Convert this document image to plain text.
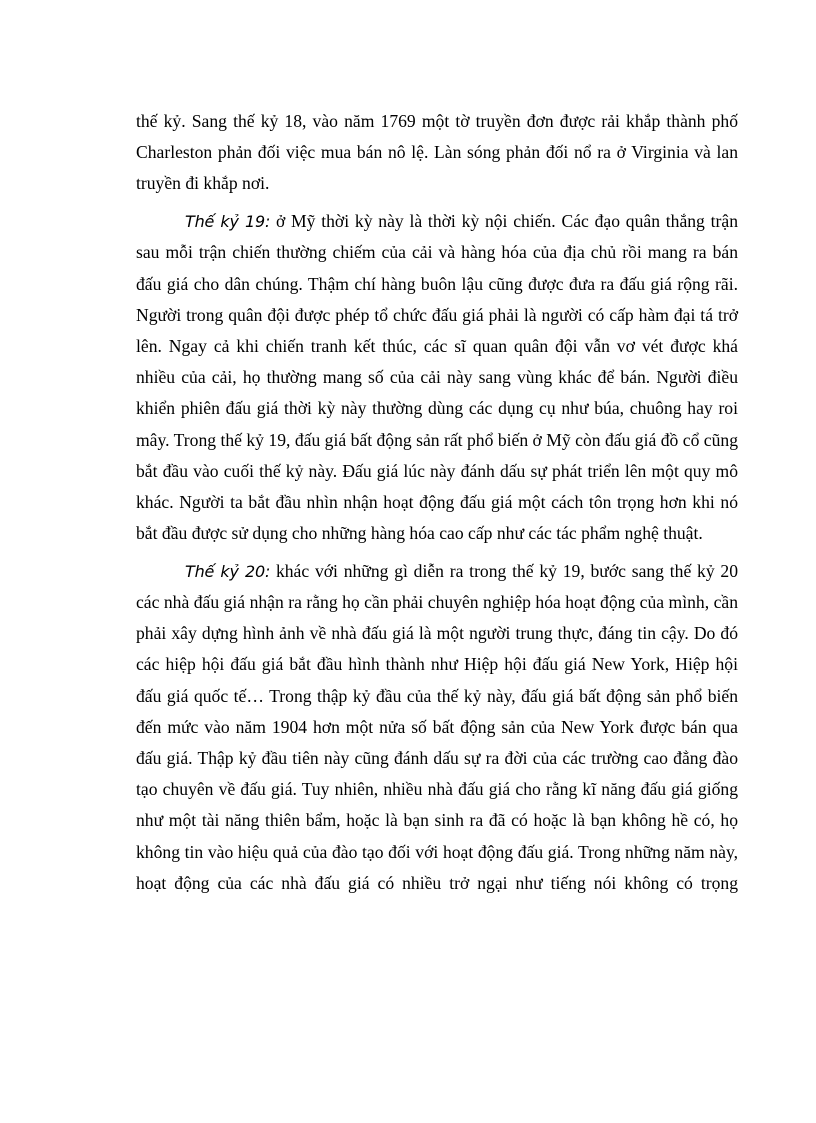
thế kỷ. Sang thế kỷ 18, vào năm 1769 một tờ truyền đơn được rải khắp thành phố Charleston phản đối việc mua bán nô lệ. Làn sóng phản đối nổ ra ở Virginia và lan truyền đi khắp nơi.

Thế kỷ 19: ở Mỹ thời kỳ này là thời kỳ nội chiến. Các đạo quân thắng trận sau mỗi trận chiến thường chiếm của cải và hàng hóa của địa chủ rồi mang ra bán đấu giá cho dân chúng. Thậm chí hàng buôn lậu cũng được đưa ra đấu giá rộng rãi. Người trong quân đội được phép tổ chức đấu giá phải là người có cấp hàm đại tá trở lên. Ngay cả khi chiến tranh kết thúc, các sĩ quan quân đội vẫn vơ vét được khá nhiều của cải, họ thường mang số của cải này sang vùng khác để bán. Người điều khiển phiên đấu giá thời kỳ này thường dùng các dụng cụ như búa, chuông hay roi mây. Trong thế kỷ 19, đấu giá bất động sản rất phổ biến ở Mỹ còn đấu giá đồ cổ cũng bắt đầu vào cuối thế kỷ này. Đấu giá lúc này đánh dấu sự phát triển lên một quy mô khác. Người ta bắt đầu nhìn nhận hoạt động đấu giá một cách tôn trọng hơn khi nó bắt đầu được sử dụng cho những hàng hóa cao cấp như các tác phẩm nghệ thuật.

Thế kỷ 20: khác với những gì diễn ra trong thế kỷ 19, bước sang thế kỷ 20 các nhà đấu giá nhận ra rằng họ cần phải chuyên nghiệp hóa hoạt động của mình, cần phải xây dựng hình ảnh về nhà đấu giá là một người trung thực, đáng tin cậy. Do đó các hiệp hội đấu giá bắt đầu hình thành như Hiệp hội đấu giá New York, Hiệp hội đấu giá quốc tế… Trong thập kỷ đầu của thế kỷ này, đấu giá bất động sản phổ biến đến mức vào năm 1904 hơn một nửa số bất động sản của New York được bán qua đấu giá. Thập kỷ đầu tiên này cũng đánh dấu sự ra đời của các trường cao đẳng đào tạo chuyên về đấu giá. Tuy nhiên, nhiều nhà đấu giá cho rằng kĩ năng đấu giá giống như một tài năng thiên bẩm, hoặc là bạn sinh ra đã có hoặc là bạn không hề có, họ không tin vào hiệu quả của đào tạo đối với hoạt động đấu giá. Trong những năm này, hoạt động của các nhà đấu giá có nhiều trở ngại như tiếng nói không có trọng
